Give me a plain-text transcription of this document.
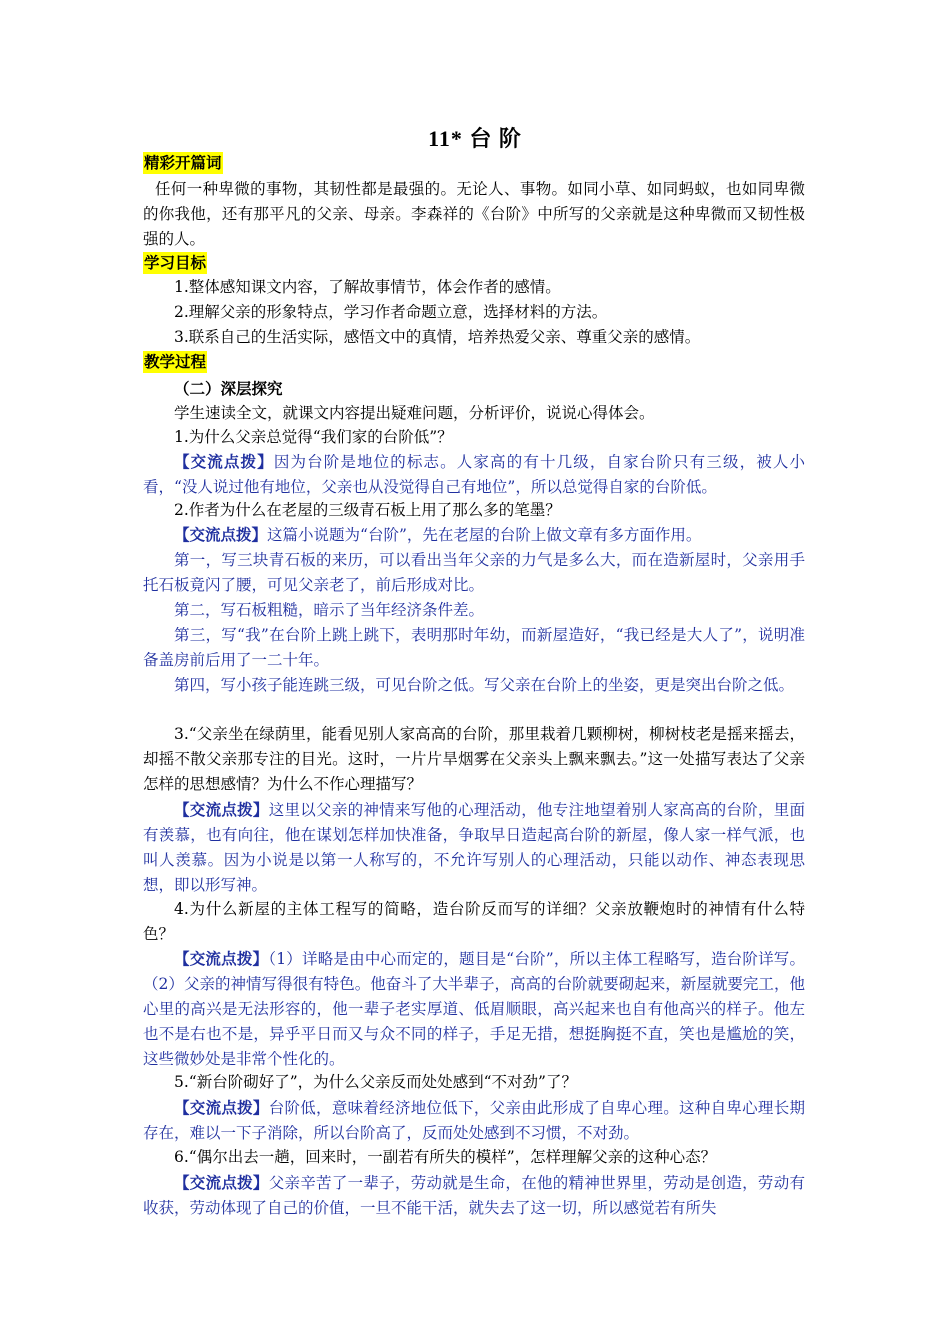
11* 台 阶
精彩开篇词

任何一种卑微的事物，其韧性都是最强的。无论人、事物。如同小草、如同蚂蚁，也如同卑微的你我他，还有那平凡的父亲、母亲。李森祥的《台阶》中所写的父亲就是这种卑微而又韧性极强的人。

学习目标
1.整体感知课文内容，了解故事情节，体会作者的感情。
2.理解父亲的形象特点，学习作者命题立意，选择材料的方法。
3.联系自己的生活实际，感悟文中的真情，培养热爱父亲、尊重父亲的感情。
教学过程
（二）深层探究
学生速读全文，就课文内容提出疑难问题，分析评价，说说心得体会。
1.为什么父亲总觉得“我们家的台阶低”？

【交流点拨】因为台阶是地位的标志。人家高的有十几级，自家台阶只有三级，被人小看，“没人说过他有地位，父亲也从没觉得自己有地位”，所以总觉得自家的台阶低。

2.作者为什么在老屋的三级青石板上用了那么多的笔墨？

【交流点拨】这篇小说题为“台阶”，先在老屋的台阶上做文章有多方面作用。

第一，写三块青石板的来历，可以看出当年父亲的力气是多么大，而在造新屋时，父亲用手托石板竟闪了腰，可见父亲老了，前后形成对比。

第二，写石板粗糙，暗示了当年经济条件差。

第三，写“我”在台阶上跳上跳下，表明那时年幼，而新屋造好，“我已经是大人了”，说明准备盖房前后用了一二十年。

第四，写小孩子能连跳三级，可见台阶之低。写父亲在台阶上的坐姿，更是突出台阶之低。

3.“父亲坐在绿荫里，能看见别人家高高的台阶，那里栽着几颗柳树，柳树枝老是摇来摇去，却摇不散父亲那专注的目光。这时，一片片旱烟雾在父亲头上飘来飘去。”这一处描写表达了父亲怎样的思想感情？为什么不作心理描写？

【交流点拨】这里以父亲的神情来写他的心理活动，他专注地望着别人家高高的台阶，里面有羡慕，也有向往，他在谋划怎样加快准备，争取早日造起高台阶的新屋，像人家一样气派，也叫人羡慕。因为小说是以第一人称写的，不允许写别人的心理活动，只能以动作、神态表现思想，即以形写神。

4.为什么新屋的主体工程写的简略，造台阶反而写的详细？父亲放鞭炮时的神情有什么特色？

【交流点拨】（1）详略是由中心而定的，题目是“台阶”，所以主体工程略写，造台阶详写。（2）父亲的神情写得很有特色。他奋斗了大半辈子，高高的台阶就要砌起来，新屋就要完工，他心里的高兴是无法形容的，他一辈子老实厚道、低眉顺眼，高兴起来也自有他高兴的样子。他左也不是右也不是，异乎平日而又与众不同的样子，手足无措，想挺胸挺不直，笑也是尴尬的笑，这些微妙处是非常个性化的。

5.“新台阶砌好了”，为什么父亲反而处处感到“不对劲”了？

【交流点拨】台阶低，意味着经济地位低下，父亲由此形成了自卑心理。这种自卑心理长期存在，难以一下子消除，所以台阶高了，反而处处感到不习惯，不对劲。

6.“偶尔出去一趟，回来时，一副若有所失的模样”，怎样理解父亲的这种心态？

【交流点拨】父亲辛苦了一辈子，劳动就是生命，在他的精神世界里，劳动是创造，劳动有收获，劳动体现了自己的价值，一旦不能干活，就失去了这一切，所以感觉若有所失
